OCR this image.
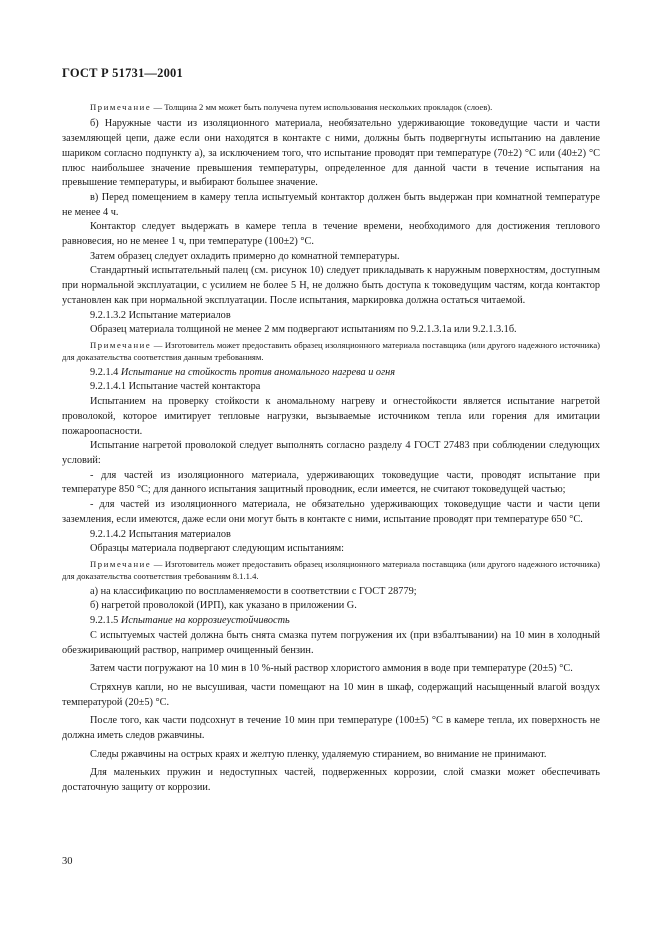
ГОСТ Р 51731—2001

Примечание — Толщина 2 мм может быть получена путем использования нескольких прокладок (слоев).

б) Наружные части из изоляционного материала, необязательно удерживающие токоведущие части и части заземляющей цепи, даже если они находятся в контакте с ними, должны быть подвергнуты испытанию на давление шариком согласно подпункту а), за исключением того, что испытание проводят при температуре (70±2) °С или (40±2) °С плюс наибольшее значение превышения температуры, определенное для данной части в течение испытания на превышение температуры, и выбирают большее значение.

в) Перед помещением в камеру тепла испытуемый контактор должен быть выдержан при комнатной температуре не менее 4 ч.

Контактор следует выдержать в камере тепла в течение времени, необходимого для достижения теплового равновесия, но не менее 1 ч, при температуре (100±2) °С.

Затем образец следует охладить примерно до комнатной температуры.

Стандартный испытательный палец (см. рисунок 10) следует прикладывать к наружным поверхностям, доступным при нормальной эксплуатации, с усилием не более 5 Н, не должно быть доступа к токоведущим частям, когда контактор установлен как при нормальной эксплуатации. После испытания, маркировка должна остаться читаемой.

9.2.1.3.2 Испытание материалов

Образец материала толщиной не менее 2 мм подвергают испытаниям по 9.2.1.3.1а или 9.2.1.3.1б.

Примечание — Изготовитель может предоставить образец изоляционного материала поставщика (или другого надежного источника) для доказательства соответствия данным требованиям.

9.2.1.4 Испытание на стойкость против аномального нагрева и огня

9.2.1.4.1 Испытание частей контактора

Испытанием на проверку стойкости к аномальному нагреву и огнестойкости является испытание нагретой проволокой, которое имитирует тепловые нагрузки, вызываемые источником тепла или горения для имитации пожароопасности.

Испытание нагретой проволокой следует выполнять согласно разделу 4 ГОСТ 27483 при соблюдении следующих условий:

- для частей из изоляционного материала, удерживающих токоведущие части, проводят испытание при температуре 850 °С; для данного испытания защитный проводник, если имеется, не считают токоведущей частью;

- для частей из изоляционного материала, не обязательно удерживающих токоведущие части и части цепи заземления, если имеются, даже если они могут быть в контакте с ними, испытание проводят при температуре 650 °С.

9.2.1.4.2 Испытания материалов

Образцы материала подвергают следующим испытаниям:

Примечание — Изготовитель может предоставить образец изоляционного материала поставщика (или другого надежного источника) для доказательства соответствия требованиям 8.1.1.4.

а) на классификацию по воспламеняемости в соответствии с ГОСТ 28779;

б) нагретой проволокой (ИРП), как указано в приложении G.

9.2.1.5 Испытание на коррозиеустойчивость

С испытуемых частей должна быть снята смазка путем погружения их (при взбалтывании) на 10 мин в холодный обезжиривающий раствор, например очищенный бензин.

Затем части погружают на 10 мин в 10 %-ный раствор хлористого аммония в воде при температуре (20±5) °С.

Стряхнув капли, но не высушивая, части помещают на 10 мин в шкаф, содержащий насыщенный влагой воздух температурой (20±5) °С.

После того, как части подсохнут в течение 10 мин при температуре (100±5) °С в камере тепла, их поверхность не должна иметь следов ржавчины.

Следы ржавчины на острых краях и желтую пленку, удаляемую стиранием, во внимание не принимают.

Для маленьких пружин и недоступных частей, подверженных коррозии, слой смазки может обеспечивать достаточную защиту от коррозии.

30
